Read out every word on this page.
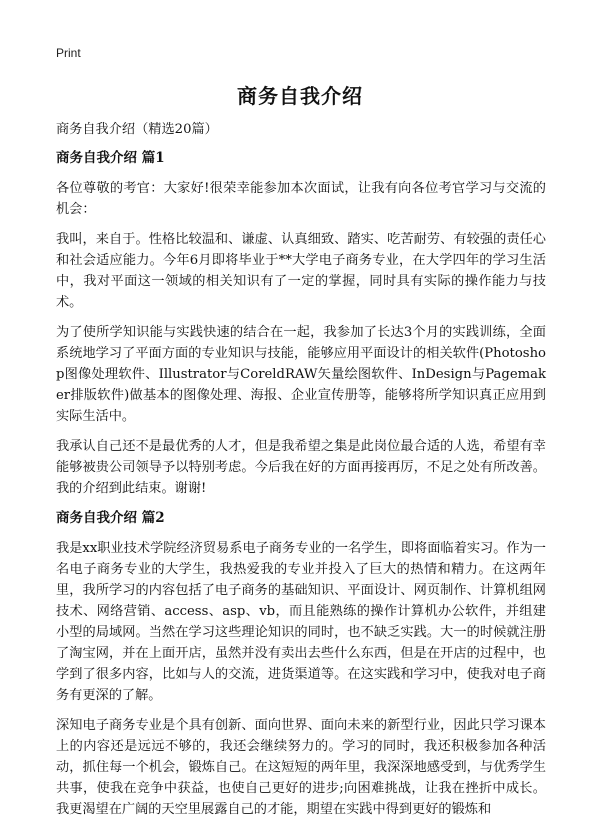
Print
商务自我介绍
商务自我介绍（精选20篇）
商务自我介绍 篇1

各位尊敬的考官：大家好!很荣幸能参加本次面试，让我有向各位考官学习与交流的机会：

我叫，来自于。性格比较温和、谦虚、认真细致、踏实、吃苦耐劳、有较强的责任心和社会适应能力。今年6月即将毕业于**大学电子商务专业，在大学四年的学习生活中，我对平面这一领域的相关知识有了一定的掌握，同时具有实际的操作能力与技术。

为了使所学知识能与实践快速的结合在一起，我参加了长达3个月的实践训练，全面系统地学习了平面方面的专业知识与技能，能够应用平面设计的相关软件(Photoshop图像处理软件、Illustrator与CoreldRAW矢量绘图软件、InDesign与Pagemaker排版软件)做基本的图像处理、海报、企业宣传册等，能够将所学知识真正应用到实际生活中。

我承认自己还不是最优秀的人才，但是我希望之集是此岗位最合适的人选，希望有幸能够被贵公司领导予以特别考虑。今后我在好的方面再接再厉，不足之处有所改善。我的介绍到此结束。谢谢!

商务自我介绍 篇2

我是xx职业技术学院经济贸易系电子商务专业的一名学生，即将面临着实习。作为一名电子商务专业的大学生，我热爱我的专业并投入了巨大的热情和精力。在这两年里，我所学习的内容包括了电子商务的基础知识、平面设计、网页制作、计算机组网技术、网络营销、access、asp、vb，而且能熟练的操作计算机办公软件，并组建小型的局域网。当然在学习这些理论知识的同时，也不缺乏实践。大一的时候就注册了淘宝网，并在上面开店，虽然并没有卖出去些什么东西，但是在开店的过程中，也学到了很多内容，比如与人的交流，进货渠道等。在这实践和学习中，使我对电子商务有更深的了解。

深知电子商务专业是个具有创新、面向世界、面向未来的新型行业，因此只学习课本上的内容还是远远不够的，我还会继续努力的。学习的同时，我还积极参加各种活动，抓住每一个机会，锻炼自己。在这短短的两年里，我深深地感受到，与优秀学生共事，使我在竞争中获益，也使自己更好的进步;向困难挑战，让我在挫折中成长。我更渴望在广阔的天空里展露自己的才能，期望在实践中得到更好的锻炼和
